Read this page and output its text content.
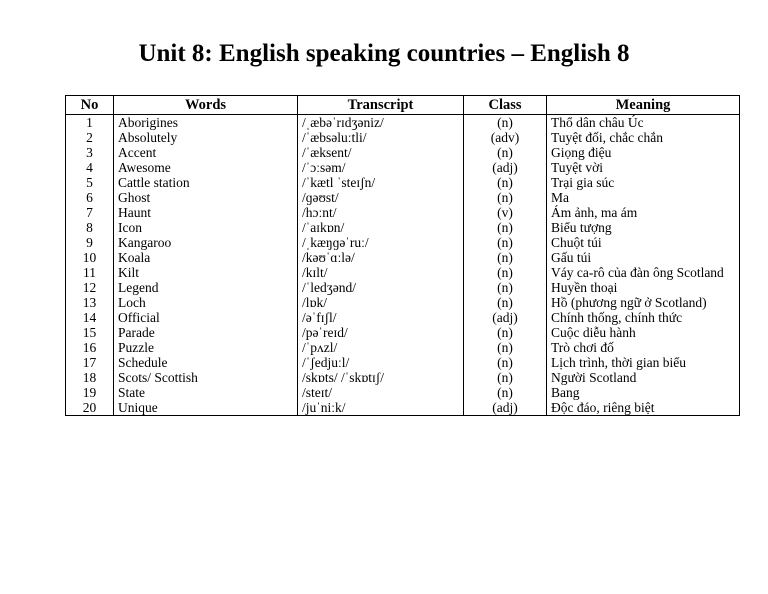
Unit 8: English speaking countries – English 8
No	Words	Transcript	Class	Meaning
1	Aborigines	/ˌæbəˈrɪdʒəniz/	(n)	Thổ dân châu Úc
2	Absolutely	/ˈæbsəluːtli/	(adv)	Tuyệt đối, chắc chắn
3	Accent	/ˈæksent/	(n)	Giọng điệu
4	Awesome	/ˈɔːsəm/	(adj)	Tuyệt vời
5	Cattle station	/ˈkætl ˈsteɪʃn/	(n)	Trại gia súc
6	Ghost	/ɡəʊst/	(n)	Ma
7	Haunt	/hɔːnt/	(v)	Ám ảnh, ma ám
8	Icon	/ˈaɪkɒn/	(n)	Biểu tượng
9	Kangaroo	/ˌkæŋɡəˈruː/	(n)	Chuột túi
10	Koala	/kəʊˈɑːlə/	(n)	Gấu túi
11	Kilt	/kɪlt/	(n)	Váy ca-rô của đàn ông Scotland
12	Legend	/ˈledʒənd/	(n)	Huyền thoại
13	Loch	/lɒk/	(n)	Hồ (phương ngữ ở Scotland)
14	Official	/əˈfɪʃl/	(adj)	Chính thống, chính thức
15	Parade	/pəˈreɪd/	(n)	Cuộc diễu hành
16	Puzzle	/ˈpʌzl/	(n)	Trò chơi đố
17	Schedule	/ˈʃedjuːl/	(n)	Lịch trình, thời gian biểu
18	Scots/ Scottish	/skɒts/ /ˈskɒtɪʃ/	(n)	Người Scotland
19	State	/steɪt/	(n)	Bang
20	Unique	/juˈniːk/	(adj)	Độc đáo, riêng biệt
